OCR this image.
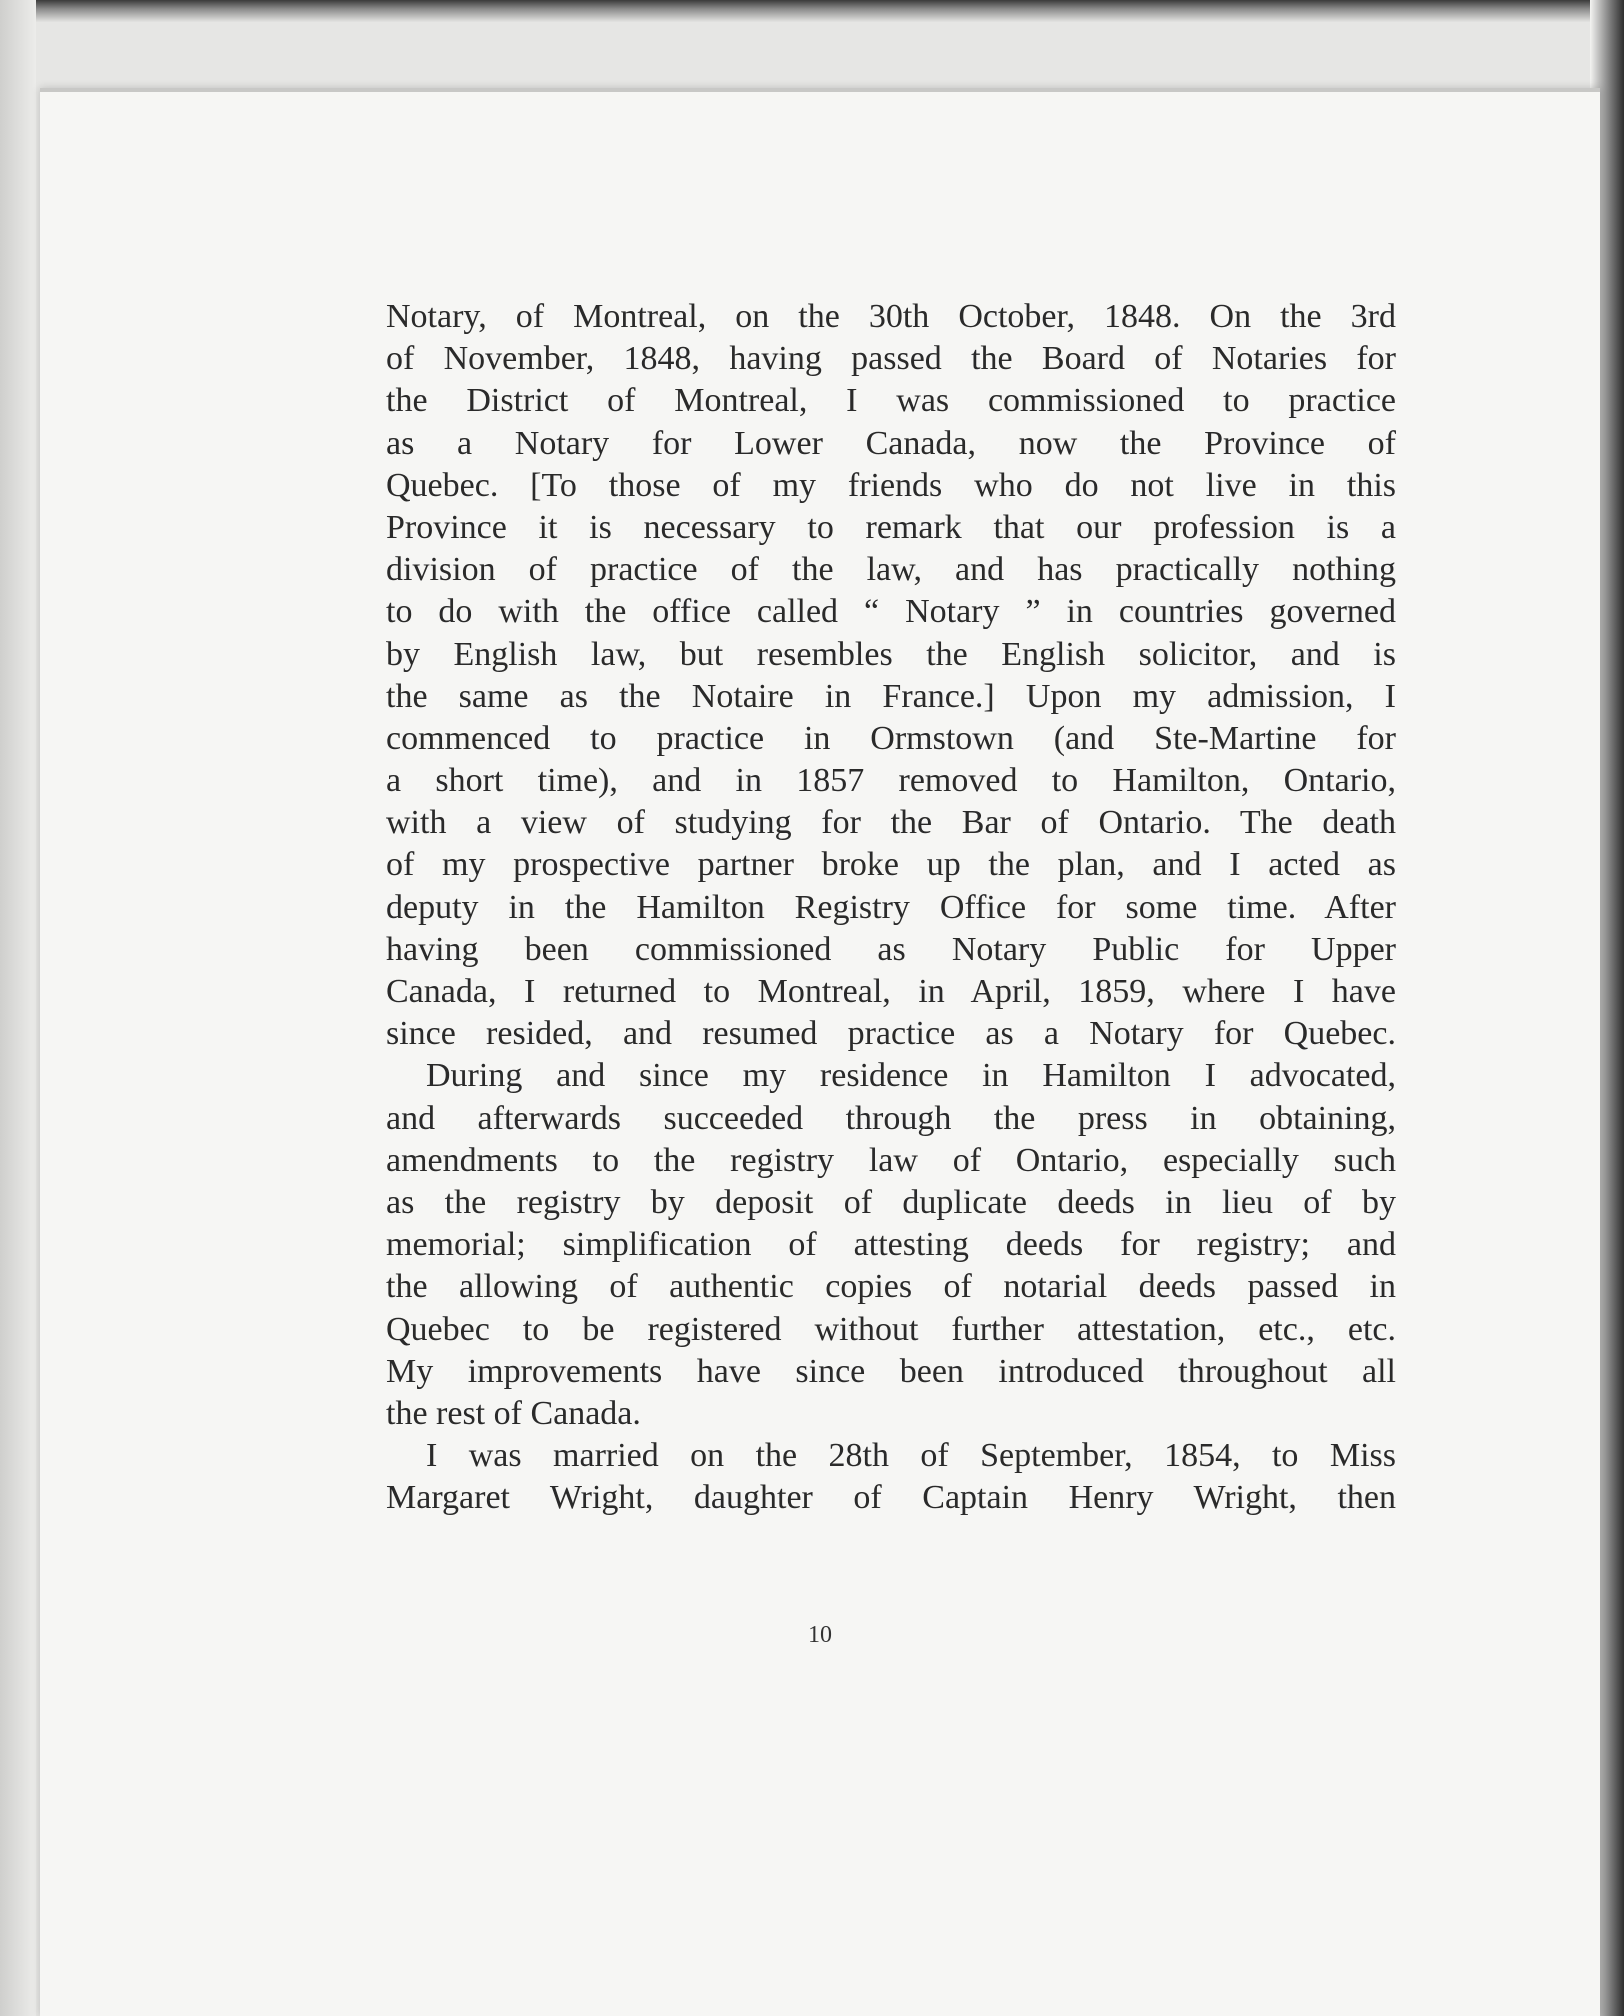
Notary, of Montreal, on the 30th October, 1848. On the 3rd
of November, 1848, having passed the Board of Notaries for
the District of Montreal, I was commissioned to practice
as a Notary for Lower Canada, now the Province of
Quebec. [To those of my friends who do not live in this
Province it is necessary to remark that our profession is a
division of practice of the law, and has practically nothing
to do with the office called “ Notary ” in countries governed
by English law, but resembles the English solicitor, and is
the same as the Notaire in France.] Upon my admission, I
commenced to practice in Ormstown (and Ste-Martine for
a short time), and in 1857 removed to Hamilton, Ontario,
with a view of studying for the Bar of Ontario. The death
of my prospective partner broke up the plan, and I acted as
deputy in the Hamilton Registry Office for some time. After
having been commissioned as Notary Public for Upper
Canada, I returned to Montreal, in April, 1859, where I have
since resided, and resumed practice as a Notary for Quebec.
During and since my residence in Hamilton I advocated,
and afterwards succeeded through the press in obtaining,
amendments to the registry law of Ontario, especially such
as the registry by deposit of duplicate deeds in lieu of by
memorial; simplification of attesting deeds for registry; and
the allowing of authentic copies of notarial deeds passed in
Quebec to be registered without further attestation, etc., etc.
My improvements have since been introduced throughout all
the rest of Canada.
I was married on the 28th of September, 1854, to Miss
Margaret Wright, daughter of Captain Henry Wright, then
10
